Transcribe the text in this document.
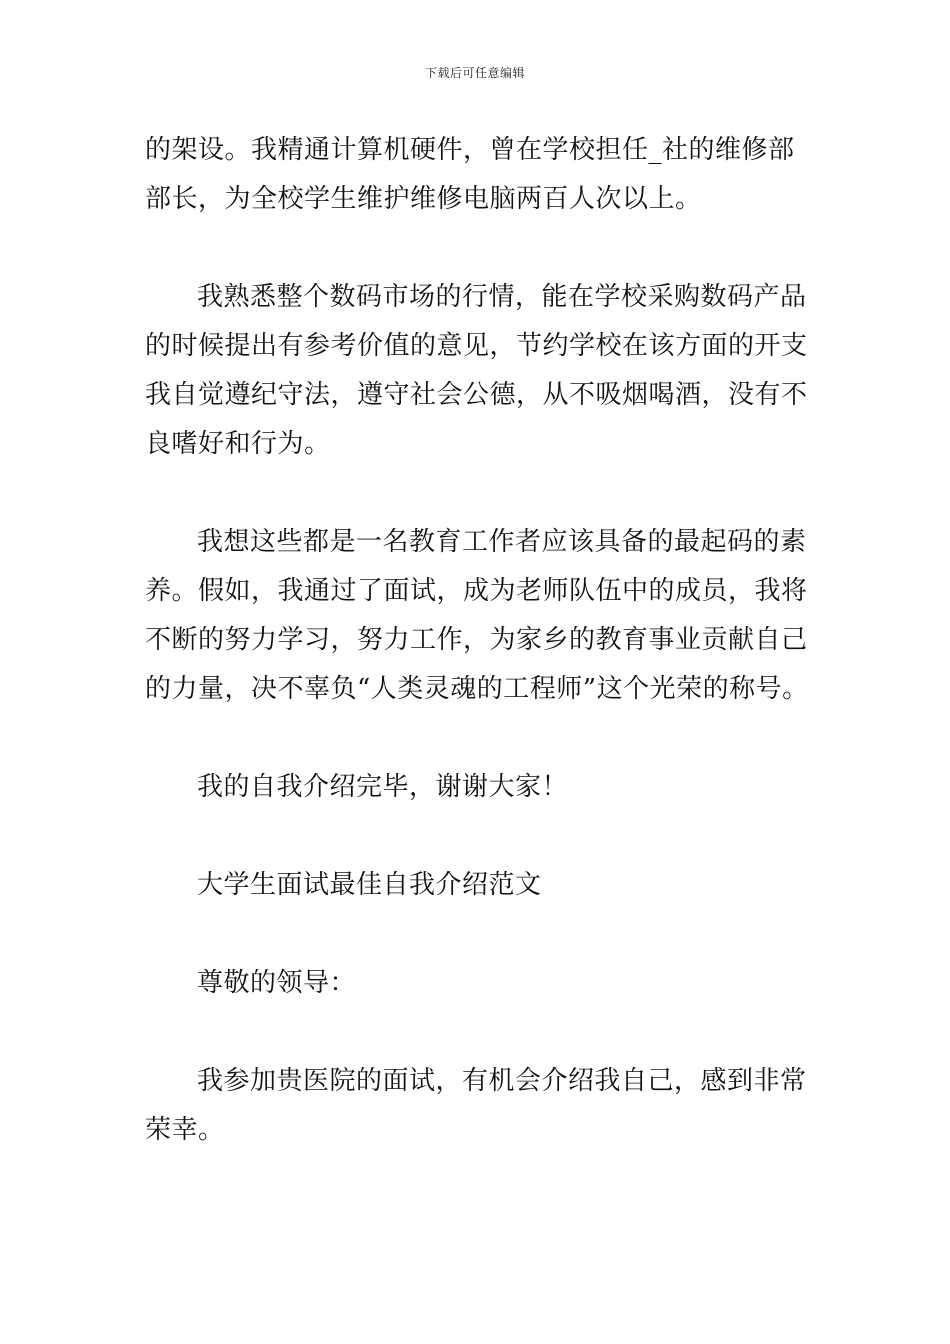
下载后可任意编辑

的架设。我精通计算机硬件，曾在学校担任_社的维修部部长，为全校学生维护维修电脑两百人次以上。

我熟悉整个数码市场的行情，能在学校采购数码产品的时候提出有参考价值的意见，节约学校在该方面的开支我自觉遵纪守法，遵守社会公德，从不吸烟喝酒，没有不良嗜好和行为。

我想这些都是一名教育工作者应该具备的最起码的素养。假如，我通过了面试，成为老师队伍中的成员，我将不断的努力学习，努力工作，为家乡的教育事业贡献自己的力量，决不辜负“人类灵魂的工程师”这个光荣的称号。

我的自我介绍完毕，谢谢大家！

大学生面试最佳自我介绍范文

尊敬的领导：

我参加贵医院的面试，有机会介绍我自己，感到非常荣幸。
